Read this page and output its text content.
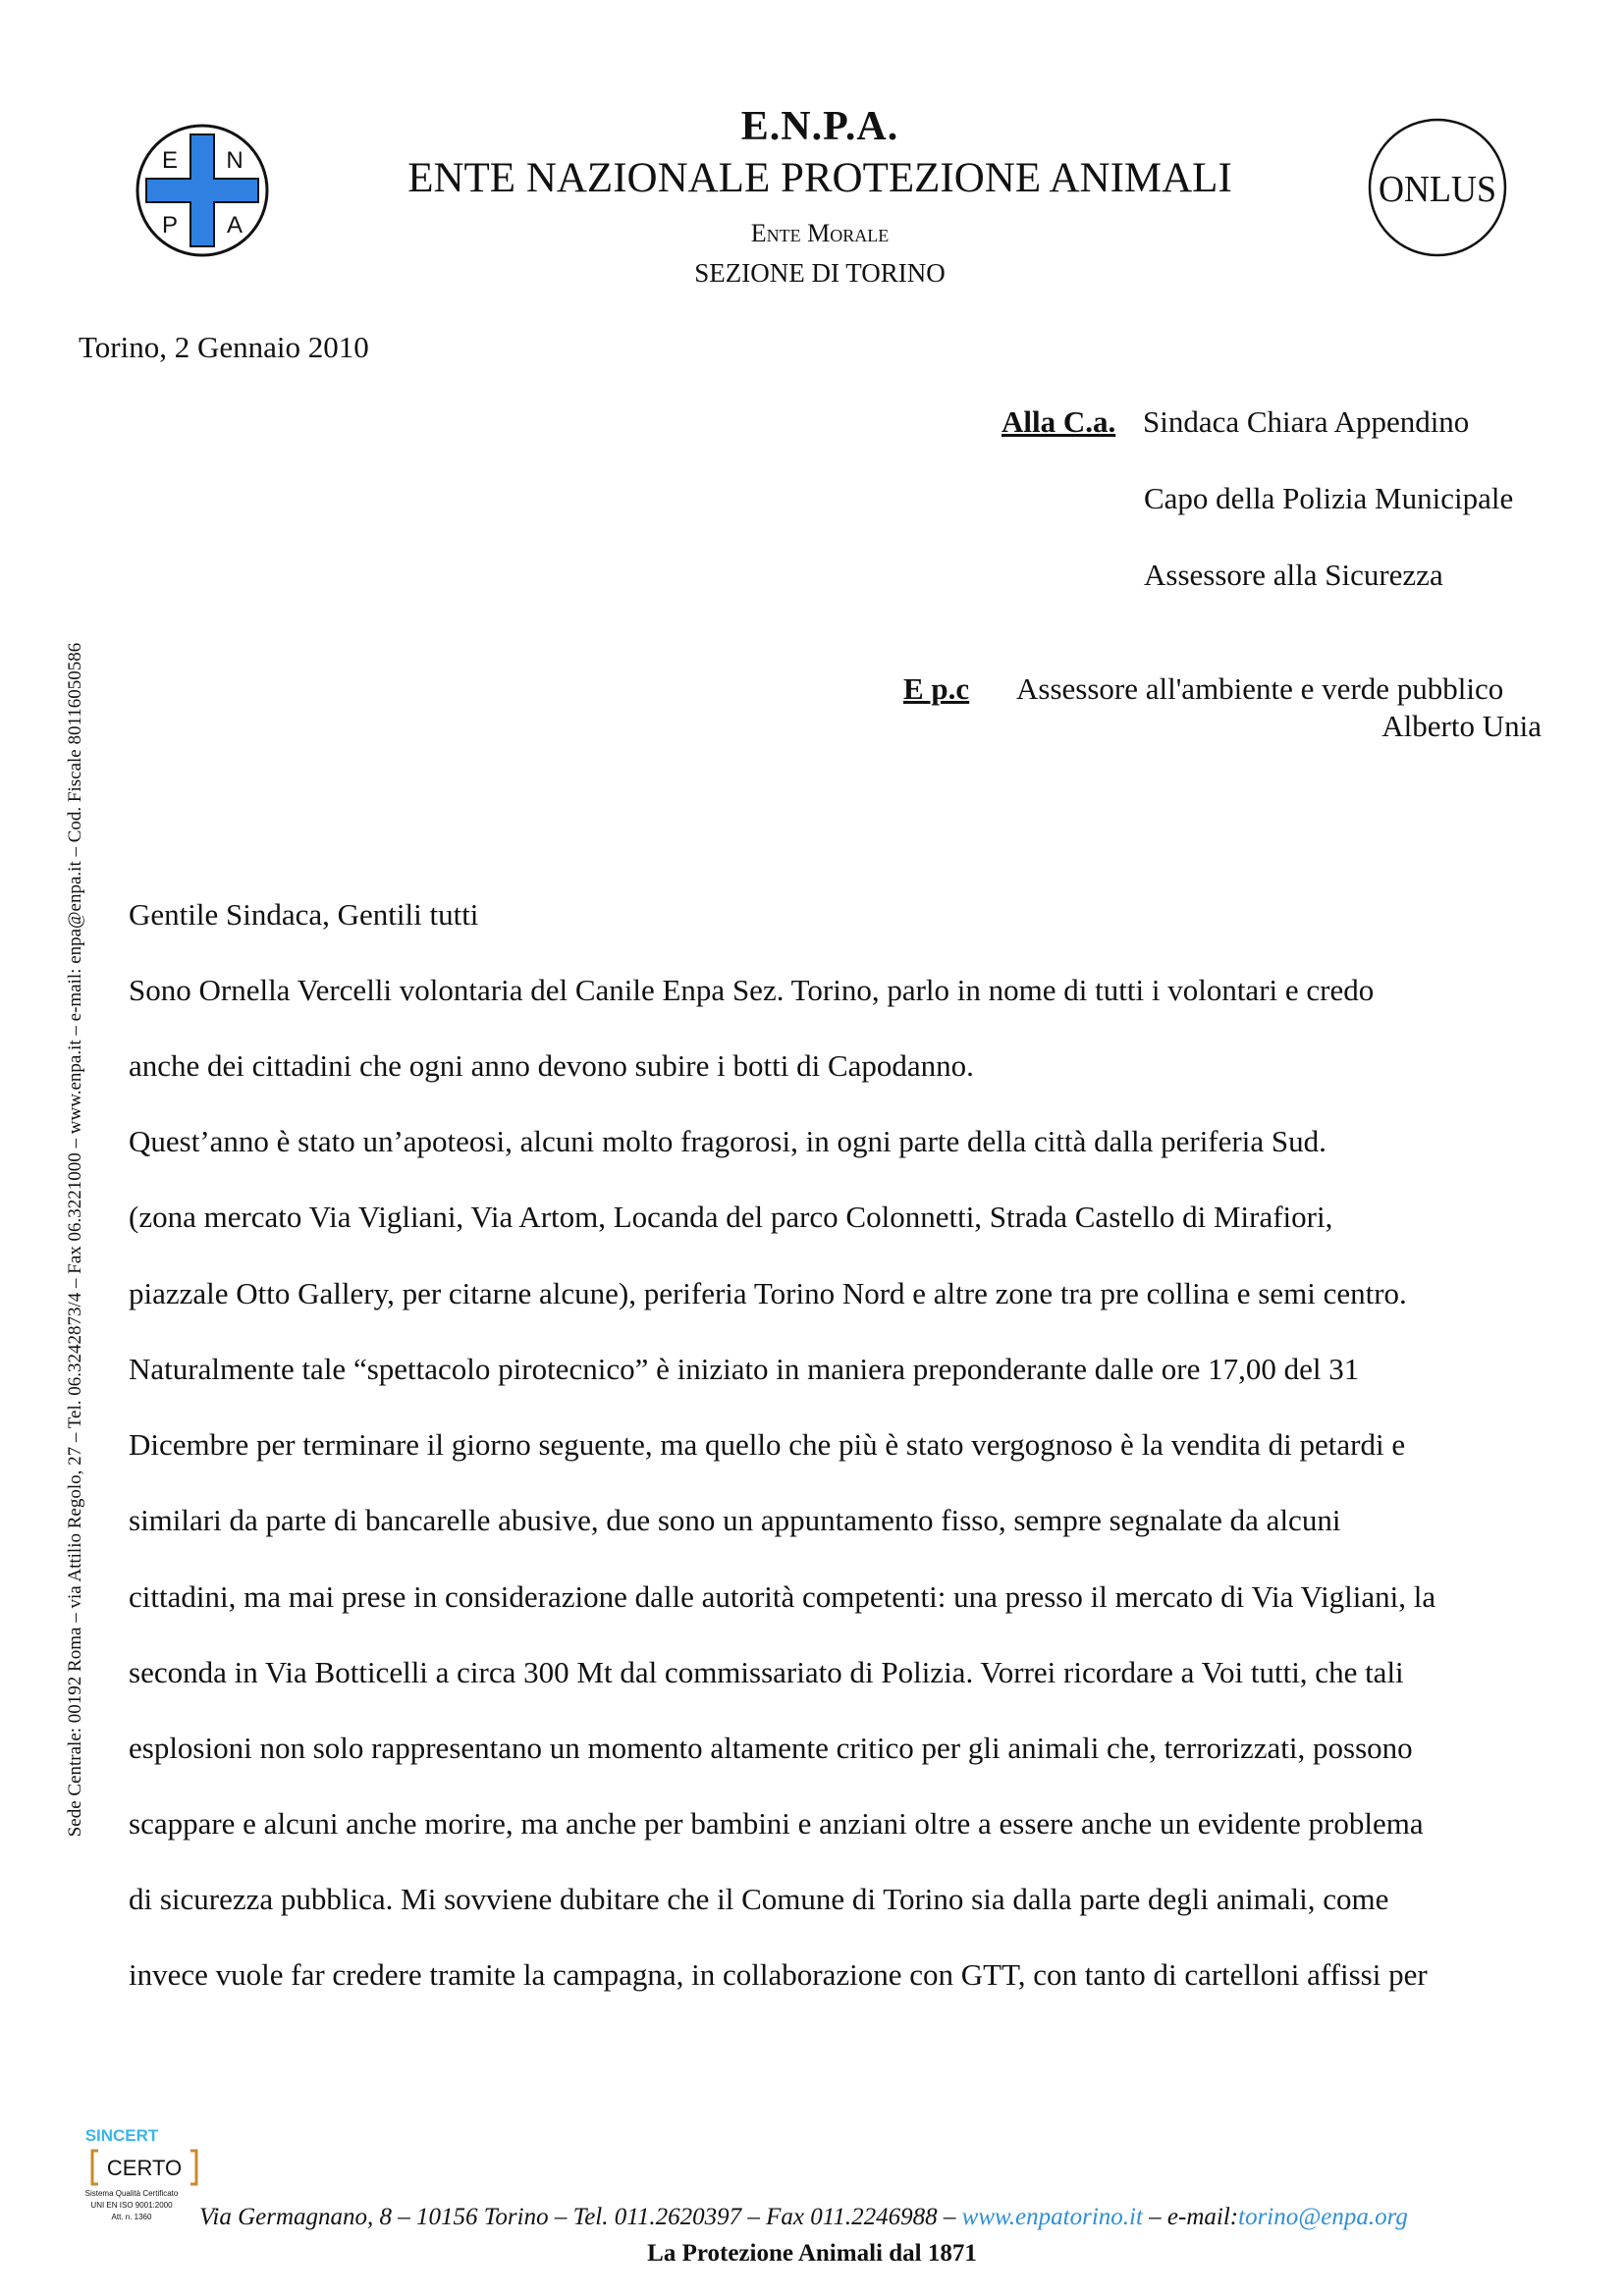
E N
P A
E.N.P.A.
ENTE NAZIONALE PROTEZIONE ANIMALI
Ente Morale
SEZIONE DI TORINO
ONLUS
Torino, 2 Gennaio 2010
Alla C.a. Sindaca Chiara Appendino
Capo della Polizia Municipale
Assessore alla Sicurezza
E p.c Assessore all'ambiente e verde pubblico
Alberto Unia
Sede Centrale: 00192 Roma – via Attilio Regolo, 27 – Tel. 06.3242873/4 – Fax 06.3221000 – www.enpa.it – e-mail: enpa@enpa.it – Cod. Fiscale 80116050586 Gentile Sindaca, Gentili tutti
Sono Ornella Vercelli volontaria del Canile Enpa Sez. Torino, parlo in nome di tutti i volontari e credo
anche dei cittadini che ogni anno devono subire i botti di Capodanno.
Quest’anno è stato un’apoteosi, alcuni molto fragorosi, in ogni parte della città dalla periferia Sud.
(zona mercato Via Vigliani, Via Artom, Locanda del parco Colonnetti, Strada Castello di Mirafiori,
piazzale Otto Gallery, per citarne alcune), periferia Torino Nord e altre zone tra pre collina e semi centro.
Naturalmente tale “spettacolo pirotecnico” è iniziato in maniera preponderante dalle ore 17,00 del 31
Dicembre per terminare il giorno seguente, ma quello che più è stato vergognoso è la vendita di petardi e
similari da parte di bancarelle abusive, due sono un appuntamento fisso, sempre segnalate da alcuni
cittadini, ma mai prese in considerazione dalle autorità competenti: una presso il mercato di Via Vigliani, la
seconda in Via Botticelli a circa 300 Mt dal commissariato di Polizia. Vorrei ricordare a Voi tutti, che tali
esplosioni non solo rappresentano un momento altamente critico per gli animali che, terrorizzati, possono
scappare e alcuni anche morire, ma anche per bambini e anziani oltre a essere anche un evidente problema
di sicurezza pubblica. Mi sovviene dubitare che il Comune di Torino sia dalla parte degli animali, come
invece vuole far credere tramite la campagna, in collaborazione con GTT, con tanto di cartelloni affissi per
SINCERT
CERTO
Sistema Qualità Certificato
UNI EN ISO 9001:2000
Att. n. 1360 Via Germagnano, 8 – 10156 Torino – Tel. 011.2620397 – Fax 011.2246988 – www.enpatorino.it – e-mail:torino@enpa.org
La Protezione Animali dal 1871
